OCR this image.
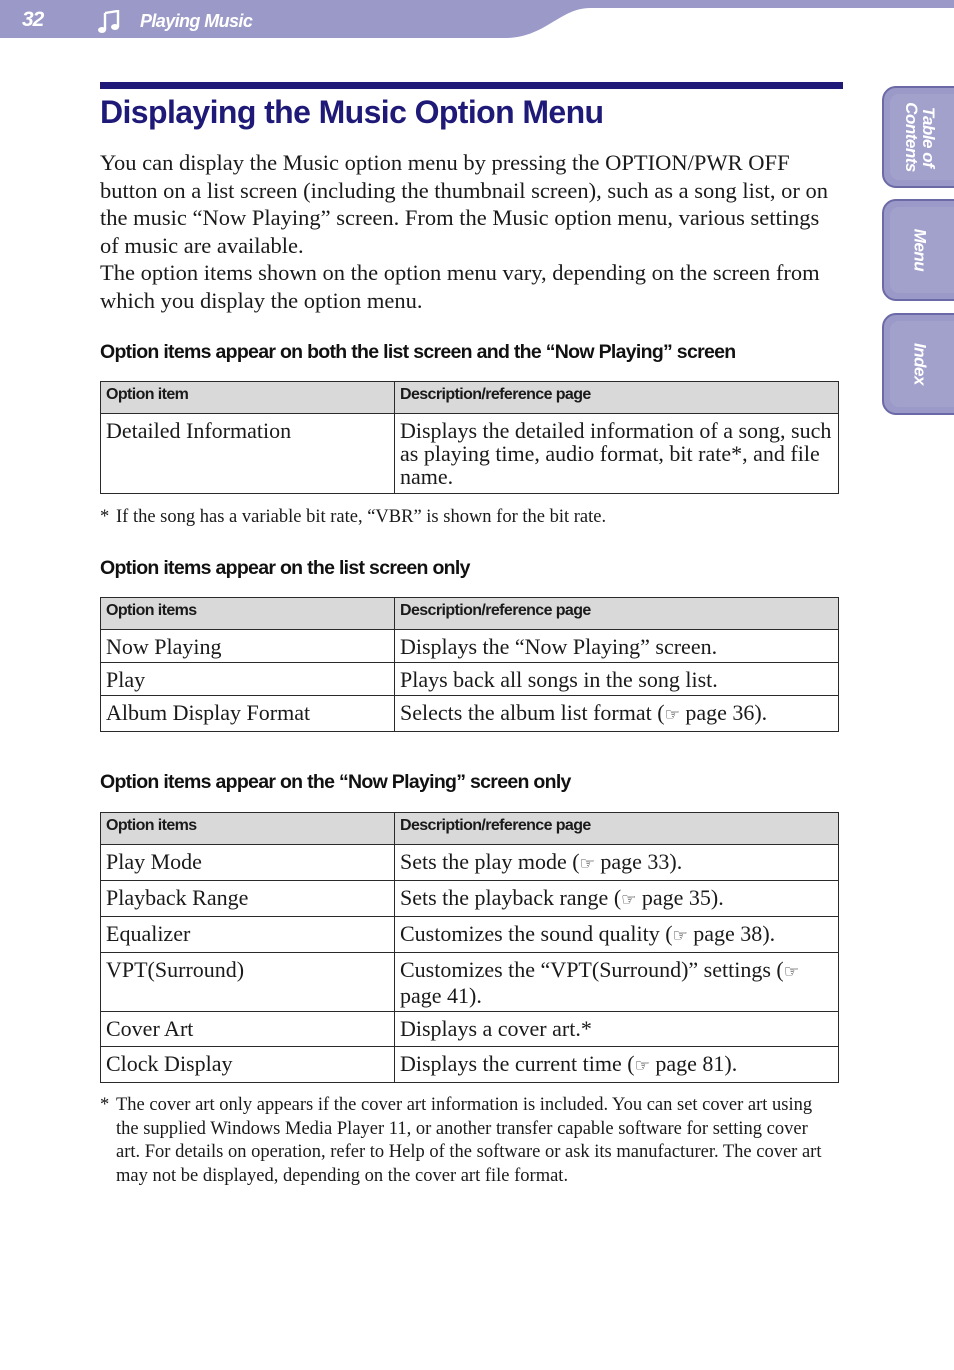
32	Playing Music
Table of
Contents
Menu
Index
Displaying the Music Option Menu

You can display the Music option menu by pressing the OPTION/PWR OFF button on a list screen (including the thumbnail screen), such as a song list, or on the music “Now Playing” screen. From the Music option menu, various settings of music are available.

The option items shown on the option menu vary, depending on the screen from which you display the option menu.

Option items appear on both the list screen and the “Now Playing” screen
Option item	Description/reference page
Detailed Information	Displays the detailed information of a song, such as playing time, audio format, bit rate*, and file name.
* If the song has a variable bit rate, “VBR” is shown for the bit rate.
Option items appear on the list screen only
Option items	Description/reference page
Now Playing	Displays the “Now Playing” screen.
Play	Plays back all songs in the song list.
Album Display Format	Selects the album list format (☞ page 36).
Option items appear on the “Now Playing” screen only
Option items	Description/reference page
Play Mode	Sets the play mode (☞ page 33).
Playback Range	Sets the playback range (☞ page 35).
Equalizer	Customizes the sound quality (☞ page 38).
VPT(Surround)	Customizes the “VPT(Surround)” settings (☞ page 41).
Cover Art	Displays a cover art.*
Clock Display	Displays the current time (☞ page 81).
* The cover art only appears if the cover art information is included. You can set cover art using the supplied Windows Media Player 11, or another transfer capable software for setting cover art. For details on operation, refer to Help of the software or ask its manufacturer. The cover art may not be displayed, depending on the cover art file format.
